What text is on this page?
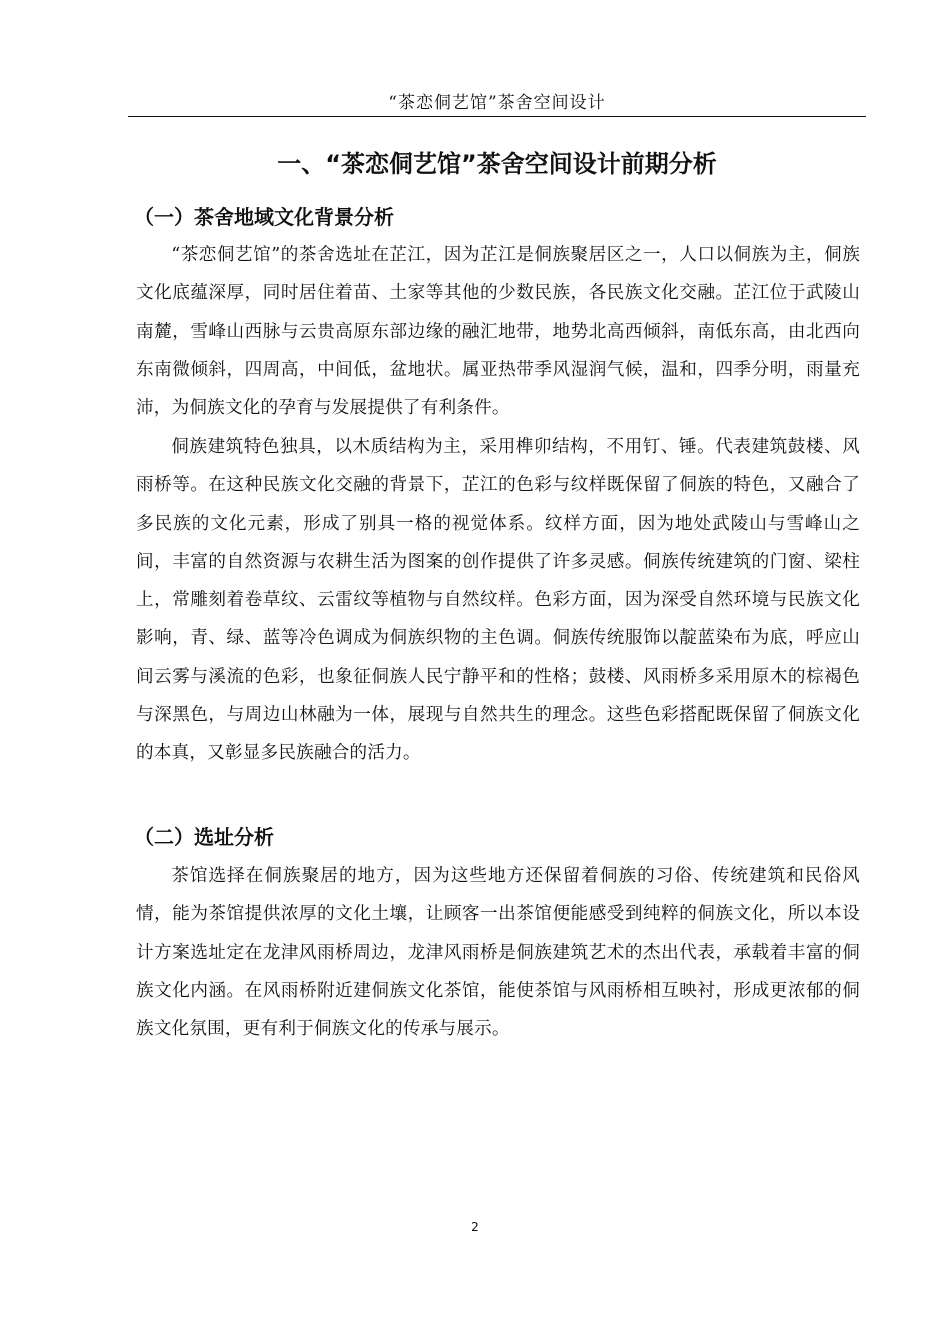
“茶恋侗艺馆”茶舍空间设计
一、“茶恋侗艺馆”茶舍空间设计前期分析
（一）茶舍地域文化背景分析

“茶恋侗艺馆”的茶舍选址在芷江，因为芷江是侗族聚居区之一，人口以侗族为主，侗族文化底蕴深厚，同时居住着苗、土家等其他的少数民族，各民族文化交融。芷江位于武陵山南麓，雪峰山西脉与云贵高原东部边缘的融汇地带，地势北高西倾斜，南低东高，由北西向东南微倾斜，四周高，中间低，盆地状。属亚热带季风湿润气候，温和，四季分明，雨量充沛，为侗族文化的孕育与发展提供了有利条件。

侗族建筑特色独具，以木质结构为主，采用榫卯结构，不用钉、锤。代表建筑鼓楼、风雨桥等。在这种民族文化交融的背景下，芷江的色彩与纹样既保留了侗族的特色，又融合了多民族的文化元素，形成了别具一格的视觉体系。纹样方面，因为地处武陵山与雪峰山之间，丰富的自然资源与农耕生活为图案的创作提供了许多灵感。侗族传统建筑的门窗、梁柱上，常雕刻着卷草纹、云雷纹等植物与自然纹样。色彩方面，因为深受自然环境与民族文化影响，青、绿、蓝等冷色调成为侗族织物的主色调。侗族传统服饰以靛蓝染布为底，呼应山间云雾与溪流的色彩，也象征侗族人民宁静平和的性格；鼓楼、风雨桥多采用原木的棕褐色与深黑色，与周边山林融为一体，展现与自然共生的理念。这些色彩搭配既保留了侗族文化的本真，又彰显多民族融合的活力。

（二）选址分析

茶馆选择在侗族聚居的地方，因为这些地方还保留着侗族的习俗、传统建筑和民俗风情，能为茶馆提供浓厚的文化土壤，让顾客一出茶馆便能感受到纯粹的侗族文化，所以本设计方案选址定在龙津风雨桥周边，龙津风雨桥是侗族建筑艺术的杰出代表，承载着丰富的侗族文化内涵。在风雨桥附近建侗族文化茶馆，能使茶馆与风雨桥相互映衬，形成更浓郁的侗族文化氛围，更有利于侗族文化的传承与展示。

2
